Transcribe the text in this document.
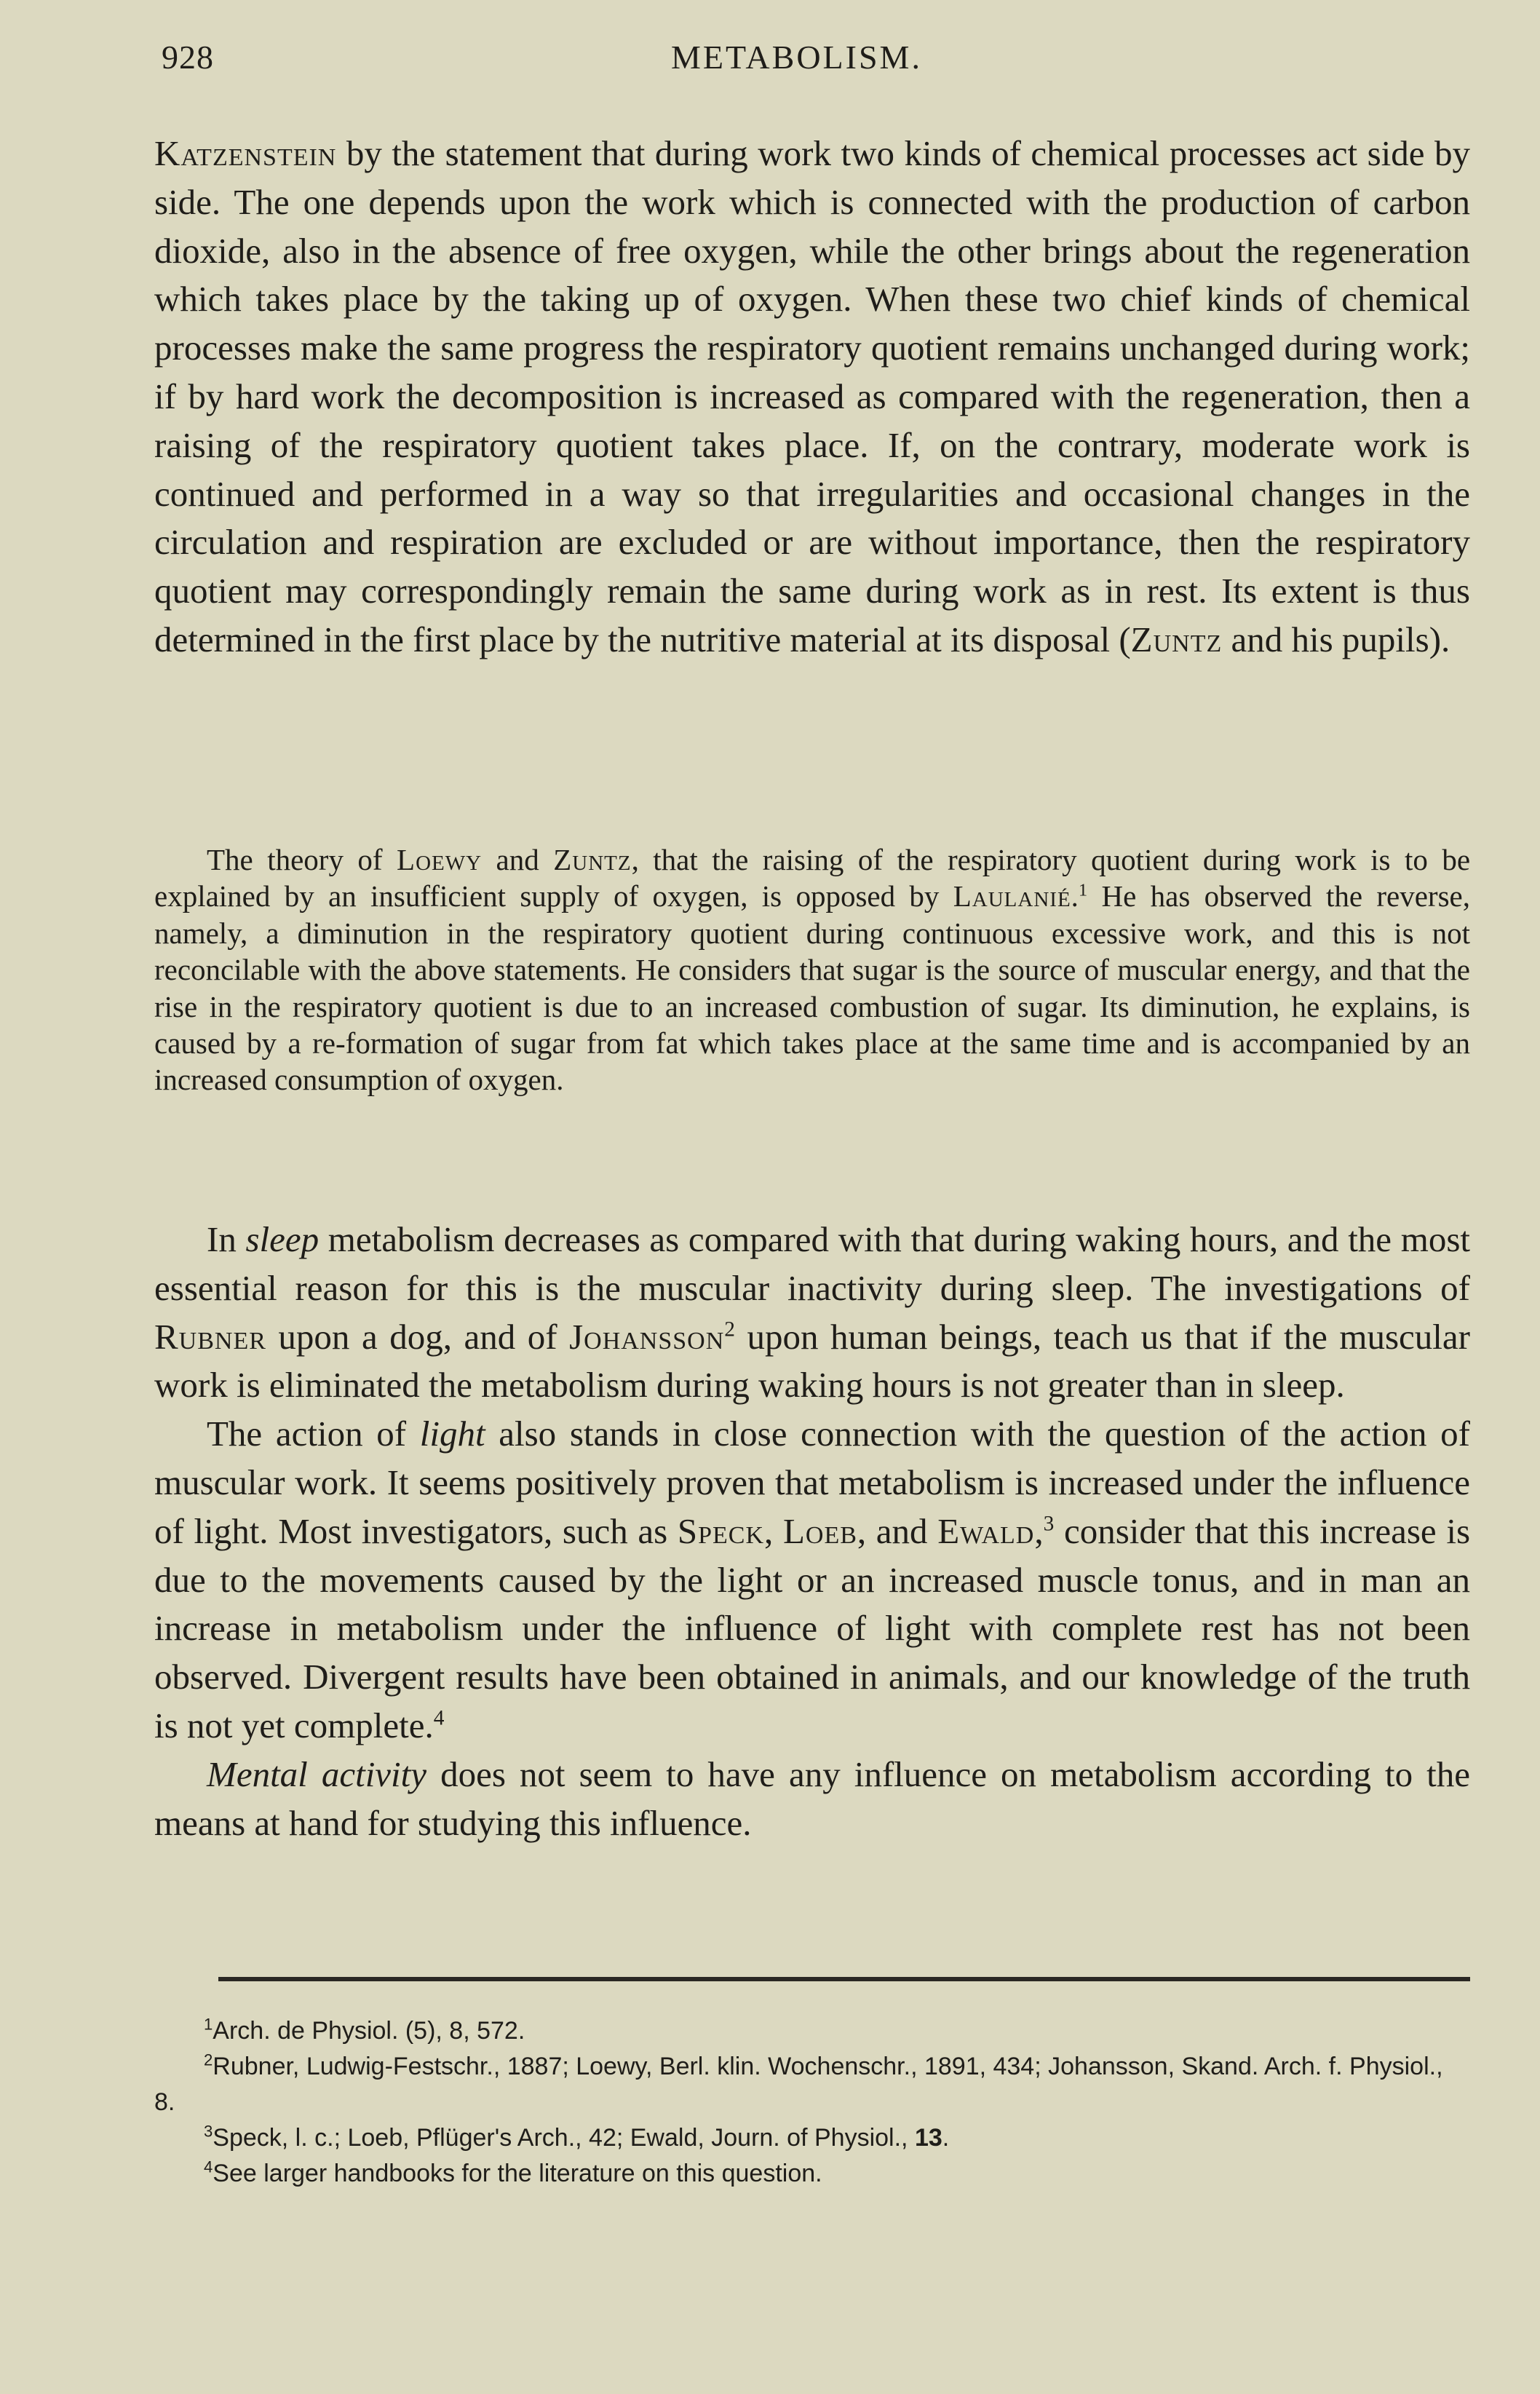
928	METABOLISM.

Katzenstein by the statement that during work two kinds of chemical processes act side by side. The one depends upon the work which is connected with the production of carbon dioxide, also in the absence of free oxygen, while the other brings about the regeneration which takes place by the taking up of oxygen. When these two chief kinds of chemical processes make the same progress the respiratory quotient remains unchanged during work; if by hard work the decomposition is increased as compared with the regeneration, then a raising of the respiratory quotient takes place. If, on the contrary, moderate work is continued and performed in a way so that irregularities and occasional changes in the circulation and respiration are excluded or are without importance, then the respiratory quotient may correspondingly remain the same during work as in rest. Its extent is thus determined in the first place by the nutritive material at its disposal (Zuntz and his pupils).

The theory of Loewy and Zuntz, that the raising of the respiratory quotient during work is to be explained by an insufficient supply of oxygen, is opposed by Laulanié.$^1$ He has observed the reverse, namely, a diminution in the respiratory quotient during continuous excessive work, and this is not reconcilable with the above statements. He considers that sugar is the source of muscular energy, and that the rise in the respiratory quotient is due to an increased combustion of sugar. Its diminution, he explains, is caused by a re-formation of sugar from fat which takes place at the same time and is accompanied by an increased consumption of oxygen.

In sleep metabolism decreases as compared with that during waking hours, and the most essential reason for this is the muscular inactivity during sleep. The investigations of Rubner upon a dog, and of Johansson$^2$ upon human beings, teach us that if the muscular work is eliminated the metabolism during waking hours is not greater than in sleep.

The action of light also stands in close connection with the question of the action of muscular work. It seems positively proven that metabolism is increased under the influence of light. Most investigators, such as Speck, Loeb, and Ewald,$^3$ consider that this increase is due to the movements caused by the light or an increased muscle tonus, and in man an increase in metabolism under the influence of light with complete rest has not been observed. Divergent results have been obtained in animals, and our knowledge of the truth is not yet complete.$^4$

Mental activity does not seem to have any influence on metabolism according to the means at hand for studying this influence.

$^1$Arch. de Physiol. (5), 8, 572.

$^2$Rubner, Ludwig-Festschr., 1887; Loewy, Berl. klin. Wochenschr., 1891, 434; Johansson, Skand. Arch. f. Physiol., 8.

$^3$Speck, l. c.; Loeb, Pflüger's Arch., 42; Ewald, Journ. of Physiol., 13.

$^4$See larger handbooks for the literature on this question.
